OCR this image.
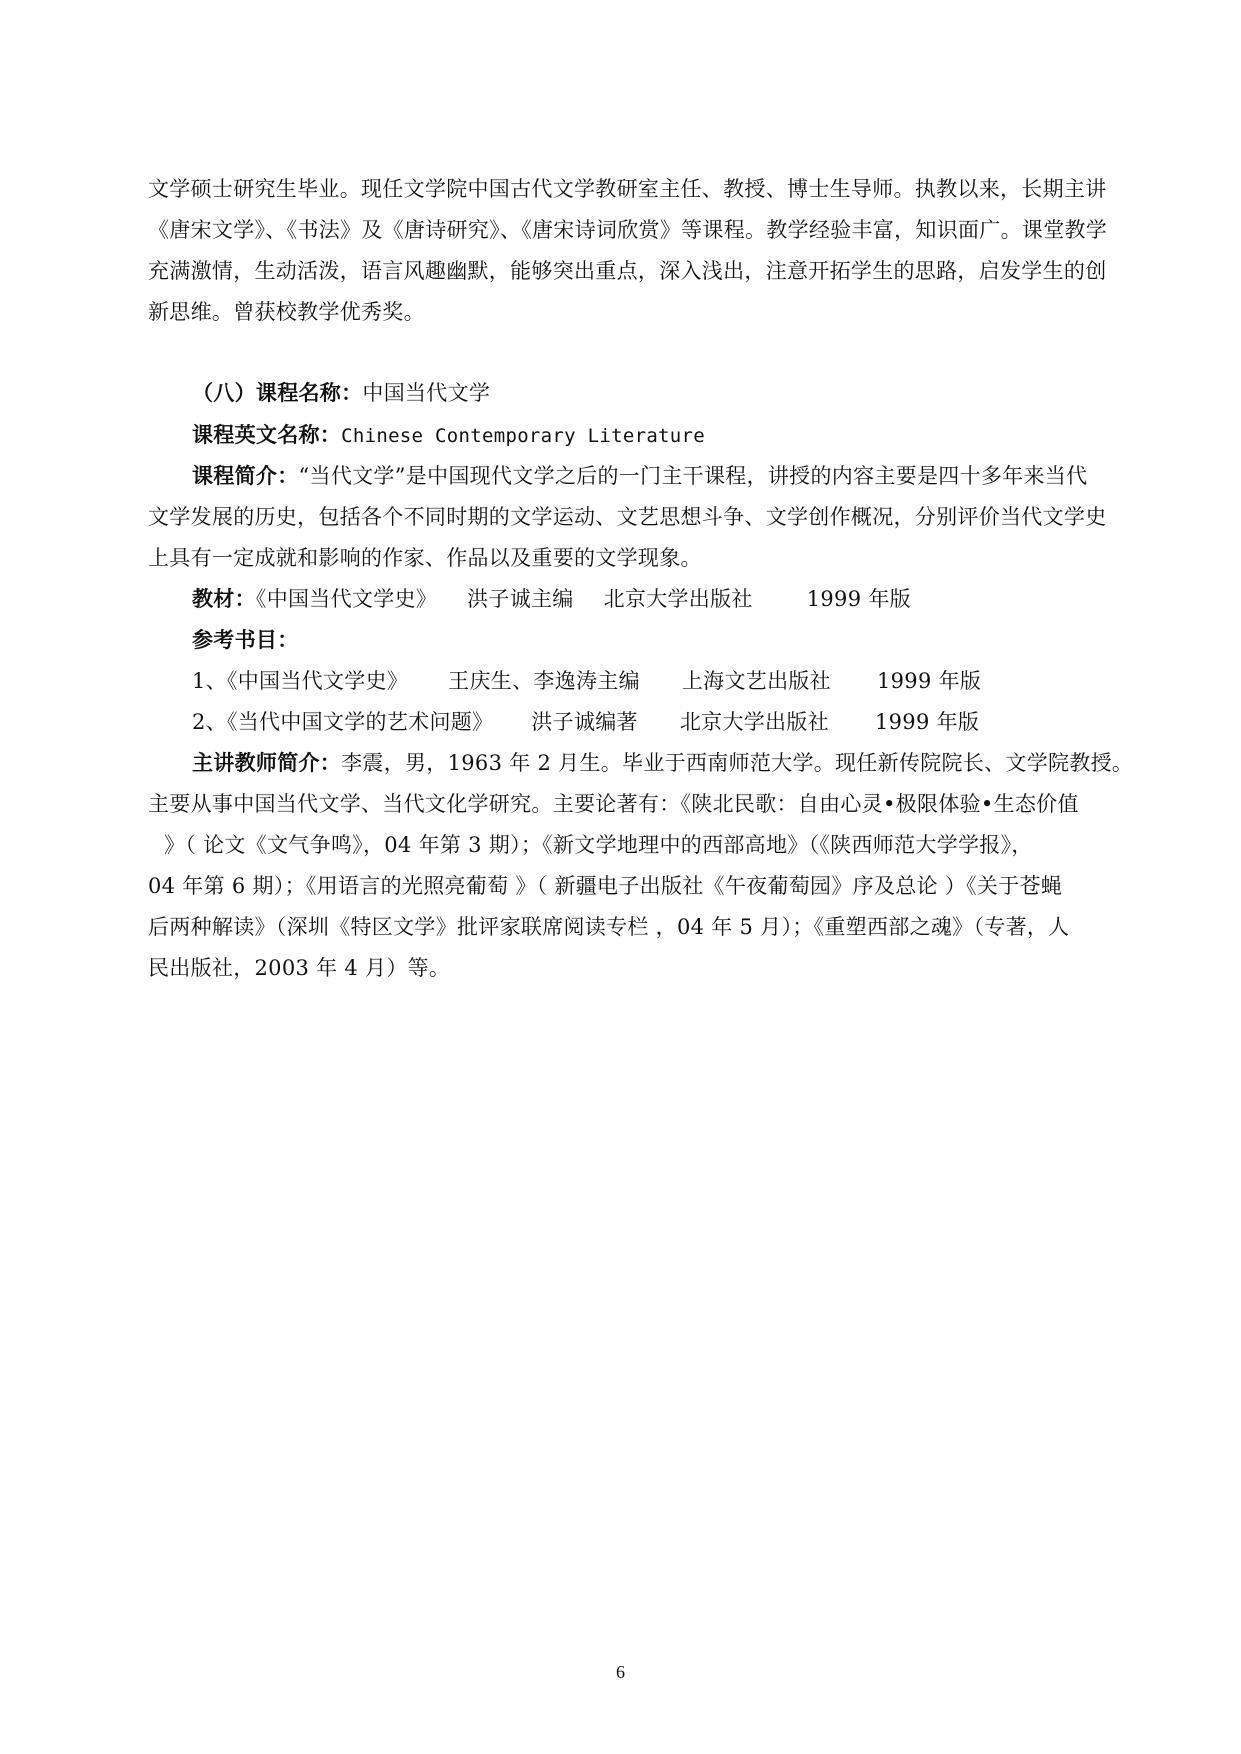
文学硕士研究生毕业。现任文学院中国古代文学教研室主任、教授、博士生导师。执教以来，长期主讲
《唐宋文学》、《书法》及《唐诗研究》、《唐宋诗词欣赏》等课程。教学经验丰富，知识面广。课堂教学
充满激情，生动活泼，语言风趣幽默，能够突出重点，深入浅出，注意开拓学生的思路，启发学生的创
新思维。曾获校教学优秀奖。
（八）课程名称：中国当代文学
课程英文名称：Chinese Contemporary Literature
课程简介：“当代文学”是中国现代文学之后的一门主干课程，讲授的内容主要是四十多年来当代
文学发展的历史，包括各个不同时期的文学运动、文艺思想斗争、文学创作概况，分别评价当代文学史
上具有一定成就和影响的作家、作品以及重要的文学现象。
教材：《中国当代文学史》 洪子诚主编 北京大学出版社	1999 年版
参考书目：
1、《中国当代文学史》 王庆生、李逸涛主编 上海文艺出版社 1999 年版
2、《当代中国文学的艺术问题》 洪子诚编著 北京大学出版社 1999 年版
主讲教师简介：李震，男，1963 年 2 月生。毕业于西南师范大学。现任新传院院长、文学院教授。
主要从事中国当代文学、当代文化学研究。主要论著有：《陕北民歌：自由心灵•极限体验•生态价值
》（ 论文《文气争鸣》，04 年第 3 期）；《新文学地理中的西部高地》（《陕西师范大学学报》，
04 年第 6 期）；《用语言的光照亮葡萄 》（ 新疆电子出版社《午夜葡萄园》序及总论 ）《关于苍蝇
后两种解读》（深圳《特区文学》批评家联席阅读专栏 ，04 年 5 月）；《重塑西部之魂》（专著，人
民出版社，2003 年 4 月）等。
6
